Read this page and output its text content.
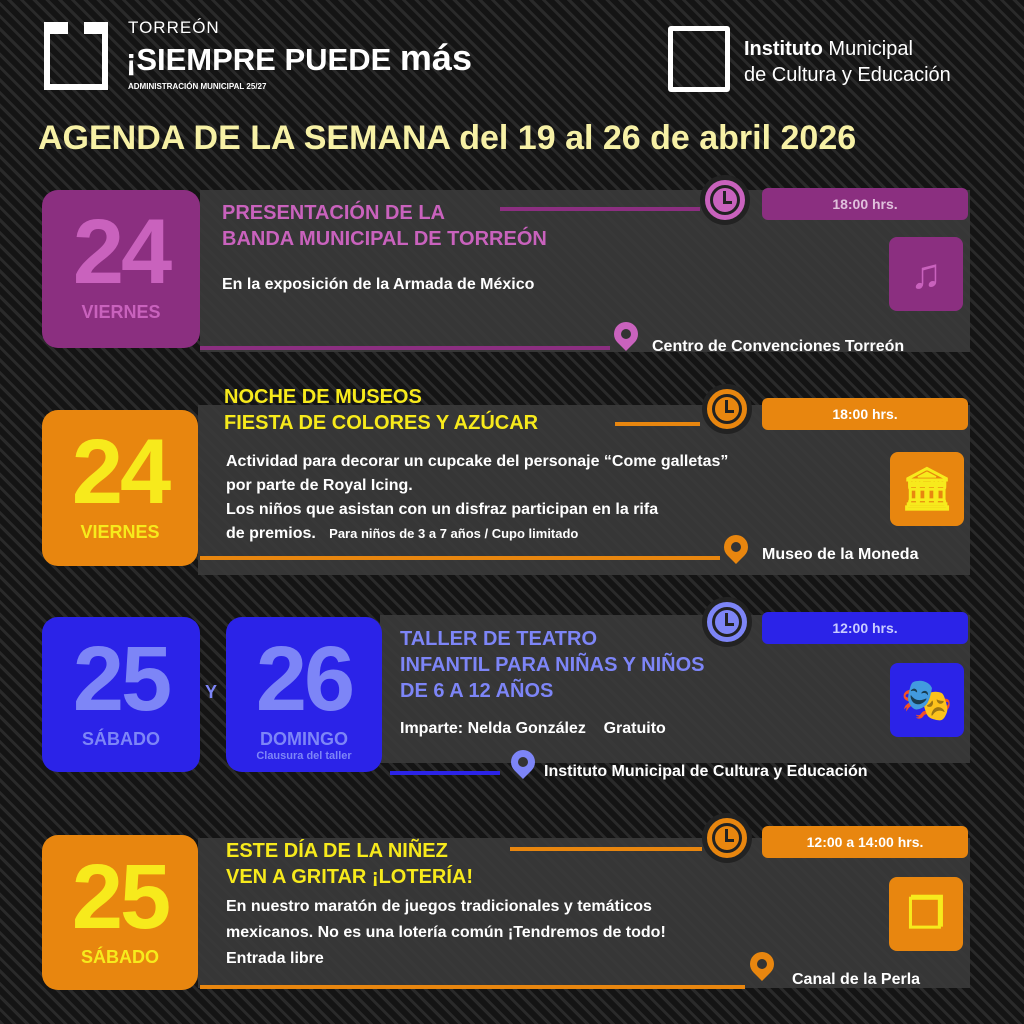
TORREÓN
¡SIEMPRE PUEDE más
ADMINISTRACIÓN MUNICIPAL 25/27
Instituto Municipal
de Cultura y Educación
AGENDA DE LA SEMANA del 19 al 26 de abril 2026
24
VIERNES
PRESENTACIÓN DE LA
BANDA MUNICIPAL DE TORREÓN
18:00 hrs.
♫
En la exposición de la Armada de México
Centro de Convenciones Torreón
24
VIERNES
NOCHE DE MUSEOS
FIESTA DE COLORES Y AZÚCAR	18:00 hrs.
🏛
Actividad para decorar un cupcake del personaje “Come galletas”
por parte de Royal Icing.
Los niños que asistan con un disfraz participan en la rifa
de premios. Para niños de 3 a 7 años / Cupo limitado
Museo de la Moneda
25
SÁBADO
Y 26
DOMINGO
Clausura del taller
TALLER DE TEATRO
INFANTIL PARA NIÑAS Y NIÑOS
DE 6 A 12 AÑOS
12:00 hrs.
🎭
Imparte: Nelda González Gratuito
Instituto Municipal de Cultura y Educación
25
SÁBADO
ESTE DÍA DE LA NIÑEZ
VEN A GRITAR ¡LOTERÍA!
12:00 a 14:00 hrs.
❐
En nuestro maratón de juegos tradicionales y temáticos
mexicanos. No es una lotería común ¡Tendremos de todo!
Entrada libre
Canal de la Perla
